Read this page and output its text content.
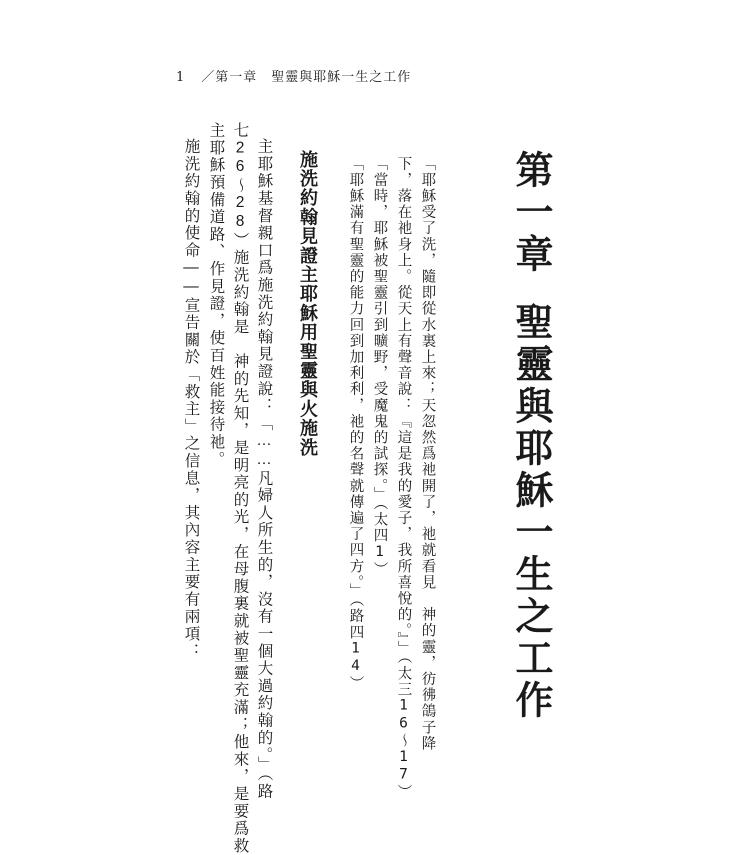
1 ／第一章　聖靈與耶穌一生之工作
第一章聖靈與耶穌一生之工作
「耶穌受了洗，隨即從水裏上來；天忽然爲祂開了，祂就看見　神的靈，彷彿鴿子降
下，落在祂身上。從天上有聲音說：『這是我的愛子，我所喜悅的。』」（太三16～17）
「當時，耶穌被聖靈引到曠野，受魔鬼的試探。」（太四1）
「耶穌滿有聖靈的能力回到加利利，祂的名聲就傳遍了四方。」（路四14）
施洗約翰見證主耶穌用聖靈與火施洗
主耶穌基督親口爲施洗約翰見證說：「……凡婦人所生的，沒有一個大過約翰的。」（路
七26～28）施洗約翰是　神的先知，是明亮的光，在母腹裏就被聖靈充滿；他來，是要爲救
主耶穌預備道路、作見證，使百姓能接待祂。
施洗約翰的使命——宣告關於「救主」之信息，其內容主要有兩項：
